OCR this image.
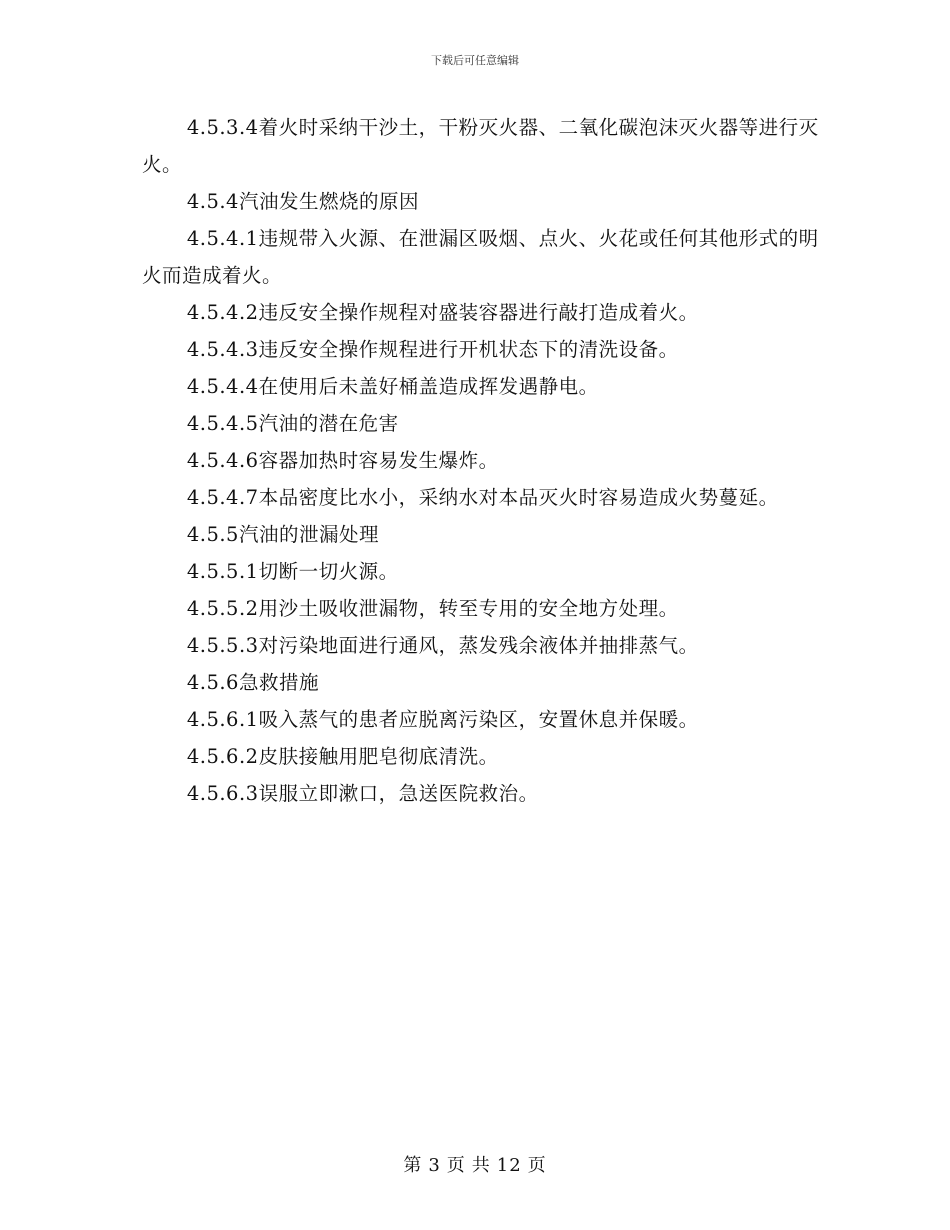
下载后可任意编辑

4.5.3.4着火时采纳干沙土，干粉灭火器、二氧化碳泡沫灭火器等进行灭火。

4.5.4汽油发生燃烧的原因

4.5.4.1违规带入火源、在泄漏区吸烟、点火、火花或任何其他形式的明火而造成着火。

4.5.4.2违反安全操作规程对盛装容器进行敲打造成着火。

4.5.4.3违反安全操作规程进行开机状态下的清洗设备。

4.5.4.4在使用后未盖好桶盖造成挥发遇静电。

4.5.4.5汽油的潜在危害

4.5.4.6容器加热时容易发生爆炸。

4.5.4.7本品密度比水小，采纳水对本品灭火时容易造成火势蔓延。

4.5.5汽油的泄漏处理

4.5.5.1切断一切火源。

4.5.5.2用沙土吸收泄漏物，转至专用的安全地方处理。

4.5.5.3对污染地面进行通风，蒸发残余液体并抽排蒸气。

4.5.6急救措施

4.5.6.1吸入蒸气的患者应脱离污染区，安置休息并保暖。

4.5.6.2皮肤接触用肥皂彻底清洗。

4.5.6.3误服立即漱口，急送医院救治。

第 3 页 共 12 页
